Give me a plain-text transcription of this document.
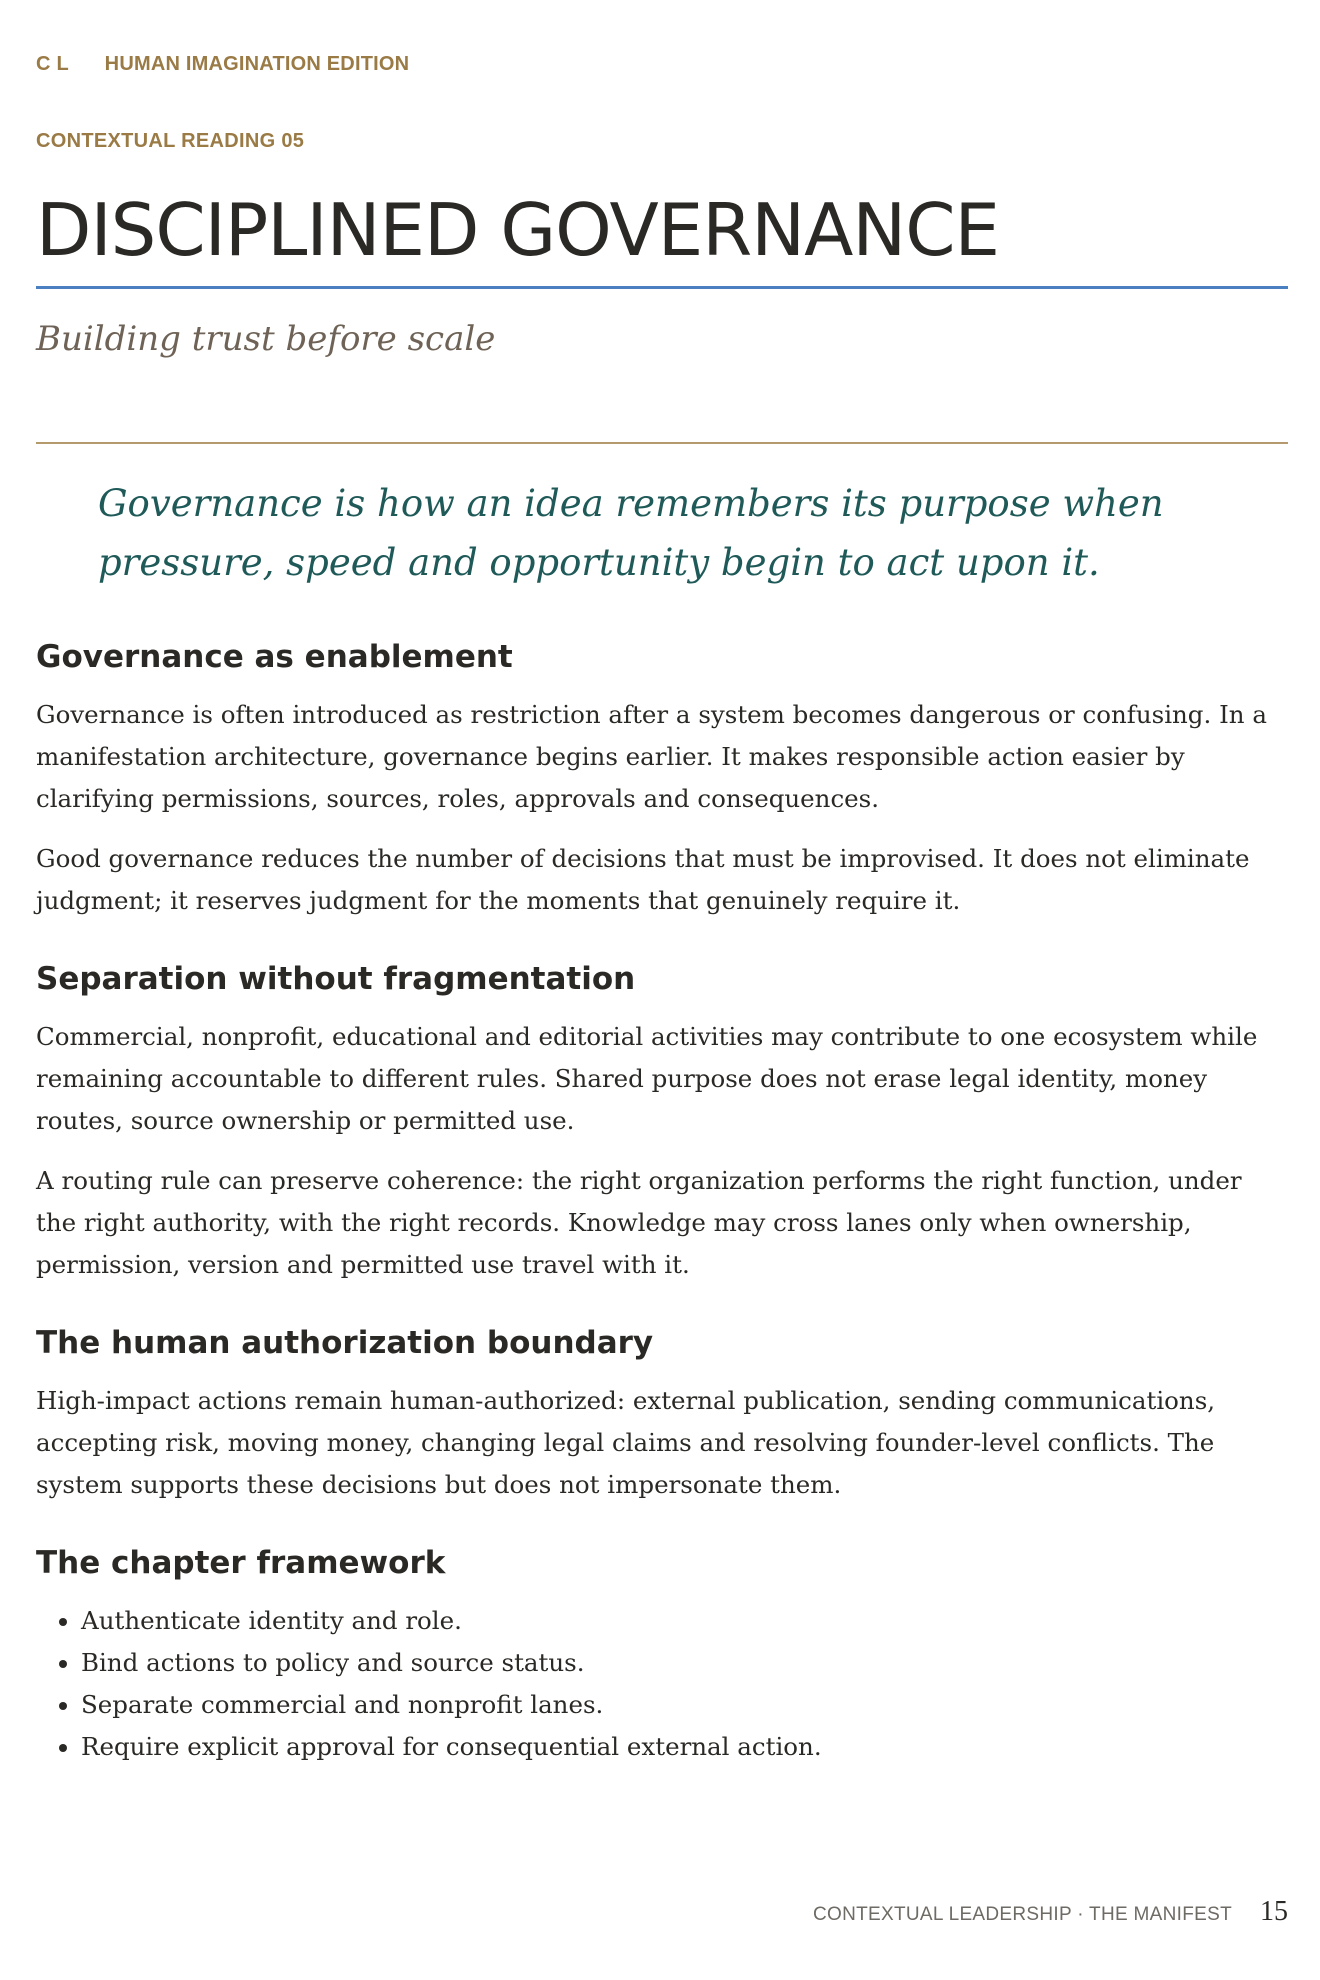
CL HUMAN IMAGINATION EDITION
CONTEXTUAL READING 05
DISCIPLINED GOVERNANCE
Building trust before scale
Governance is how an idea remembers its purpose when pressure, speed and opportunity begin to act upon it.
Governance as enablement

Governance is often introduced as restriction after a system becomes dangerous or confusing. In a manifestation architecture, governance begins earlier. It makes responsible action easier by clarifying permissions, sources, roles, approvals and consequences.

Good governance reduces the number of decisions that must be improvised. It does not eliminate judgment; it reserves judgment for the moments that genuinely require it.

Separation without fragmentation

Commercial, nonprofit, educational and editorial activities may contribute to one ecosystem while remaining accountable to different rules. Shared purpose does not erase legal identity, money routes, source ownership or permitted use.

A routing rule can preserve coherence: the right organization performs the right function, under the right authority, with the right records. Knowledge may cross lanes only when ownership, permission, version and permitted use travel with it.

The human authorization boundary

High-impact actions remain human-authorized: external publication, sending communications, accepting risk, moving money, changing legal claims and resolving founder-level conflicts. The system supports these decisions but does not impersonate them.

The chapter framework
• Authenticate identity and role.
• Bind actions to policy and source status.
• Separate commercial and nonprofit lanes.
• Require explicit approval for consequential external action.
CONTEXTUAL LEADERSHIP · THE MANIFEST 15
